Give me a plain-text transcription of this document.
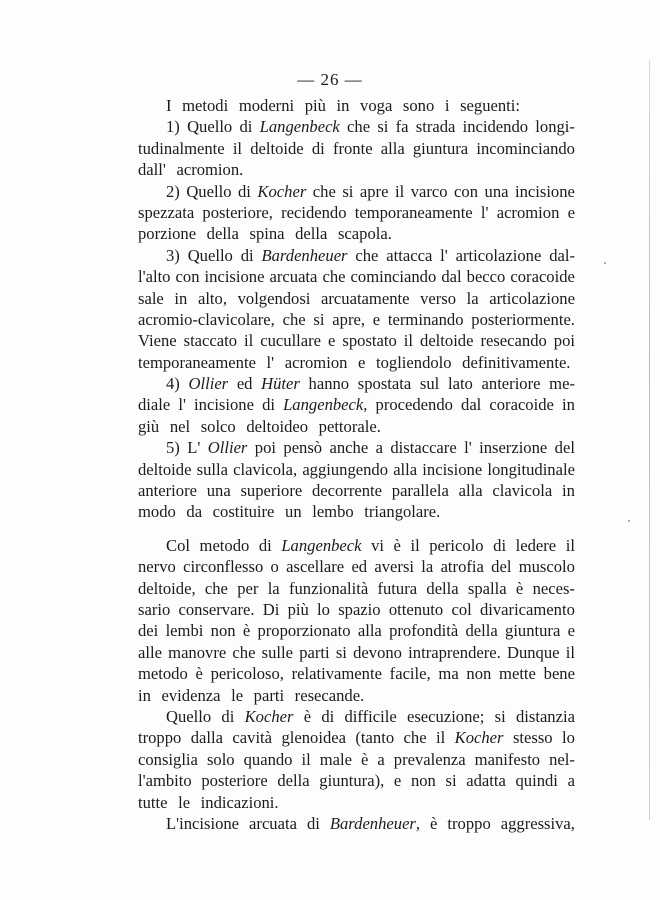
— 26 —
I metodi moderni più in voga sono i seguenti:
1) Quello di Langenbeck che si fa strada incidendo longi-
tudinalmente il deltoide di fronte alla giuntura incominciando
dall' acromion.
2) Quello di Kocher che si apre il varco con una incisione
spezzata posteriore, recidendo temporaneamente l' acromion e
porzione della spina della scapola.
3) Quello di Bardenheuer che attacca l' articolazione dal-
l'alto con incisione arcuata che cominciando dal becco coracoide
sale in alto, volgendosi arcuatamente verso la articolazione
acromio-clavicolare, che si apre, e terminando posteriormente.
Viene staccato il cucullare e spostato il deltoide resecando poi
temporaneamente l' acromion e togliendolo definitivamente.
4) Ollier ed Hüter hanno spostata sul lato anteriore me-
diale l' incisione di Langenbeck, procedendo dal coracoide in
giù nel solco deltoideo pettorale.
5) L' Ollier poi pensò anche a distaccare l' inserzione del
deltoide sulla clavicola, aggiungendo alla incisione longitudinale
anteriore una superiore decorrente parallela alla clavicola in
modo da costituire un lembo triangolare.
Col metodo di Langenbeck vi è il pericolo di ledere il
nervo circonflesso o ascellare ed aversi la atrofia del muscolo
deltoide, che per la funzionalità futura della spalla è neces-
sario conservare. Di più lo spazio ottenuto col divaricamento
dei lembi non è proporzionato alla profondità della giuntura e
alle manovre che sulle parti si devono intraprendere. Dunque il
metodo è pericoloso, relativamente facile, ma non mette bene
in evidenza le parti resecande.
Quello di Kocher è di difficile esecuzione; si distanzia
troppo dalla cavità glenoidea (tanto che il Kocher stesso lo
consiglia solo quando il male è a prevalenza manifesto nel-
l'ambito posteriore della giuntura), e non si adatta quindi a
tutte le indicazioni.
L'incisione arcuata di Bardenheuer, è troppo aggressiva,
